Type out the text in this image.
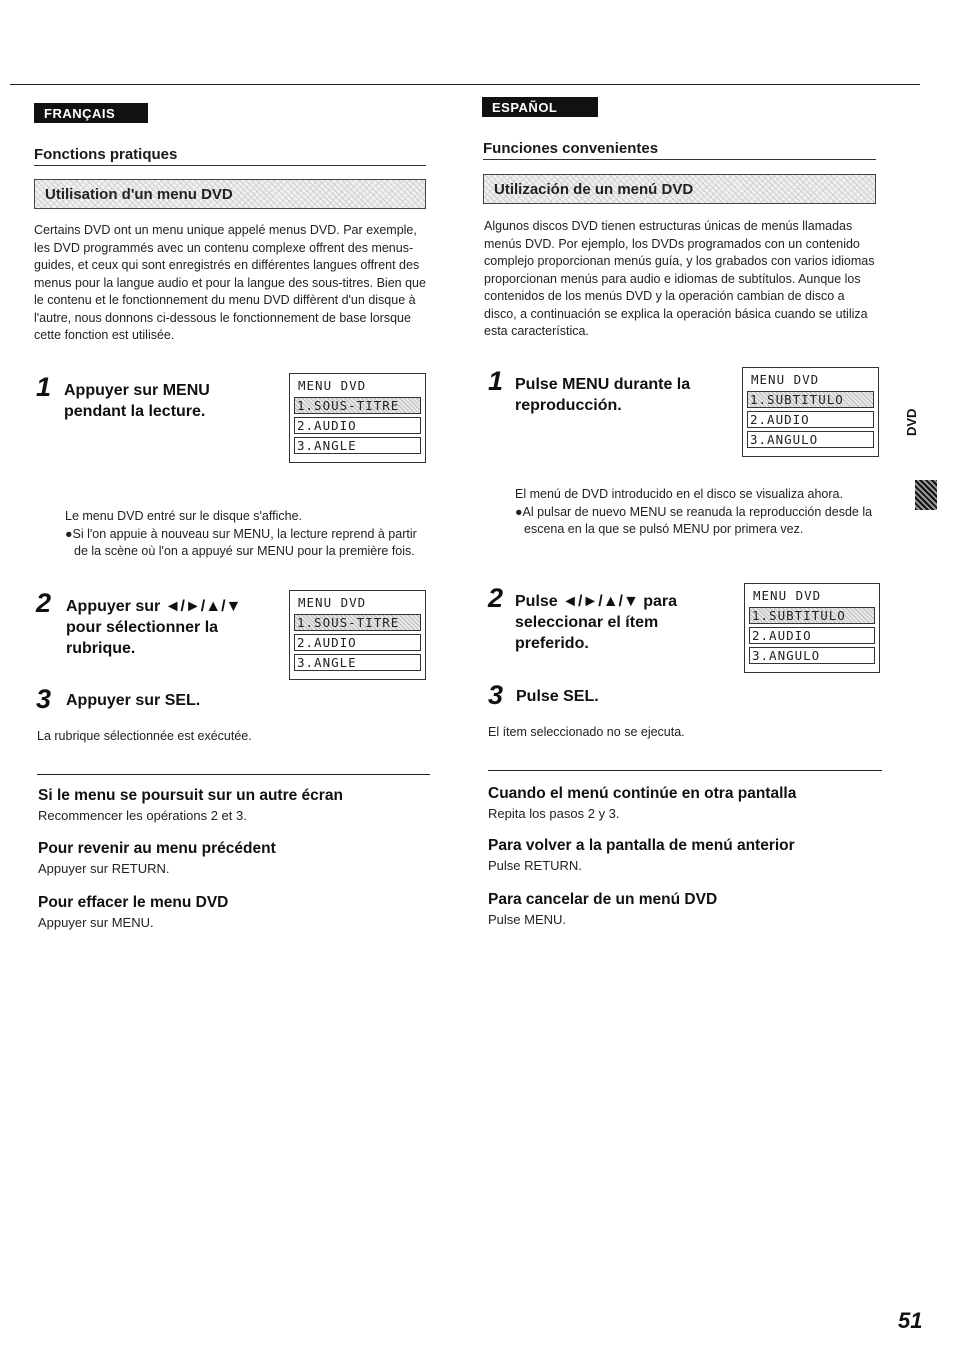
FRANÇAIS
Fonctions pratiques
Utilisation d'un menu DVD
Certains DVD ont un menu unique appelé menus DVD. Par exemple, les DVD programmés avec un contenu complexe offrent des menus-guides, et ceux qui sont enregistrés en différentes langues offrent des menus pour la langue audio et pour la langue des sous-titres. Bien que le contenu et le fonctionnement du menu DVD diffèrent d'un disque à l'autre, nous donnons ci-dessous le fonctionnement de base lorsque cette fonction est utilisée.
1 Appuyer sur MENU
pendant la lecture.
MENU DVD
1.SOUS-TITRE
2.AUDIO
3.ANGLE
Le menu DVD entré sur le disque s'affiche.
●Si l'on appuie à nouveau sur MENU, la lecture reprend à partir de la scène où l'on a appuyé sur MENU pour la première fois.
2 Appuyer sur ◄/►/▲/▼
pour sélectionner la
rubrique.
MENU DVD
1.SOUS-TITRE
2.AUDIO
3.ANGLE
3 Appuyer sur SEL.
La rubrique sélectionnée est exécutée.
Si le menu se poursuit sur un autre écran
Recommencer les opérations 2 et 3.
Pour revenir au menu précédent
Appuyer sur RETURN.
Pour effacer le menu DVD
Appuyer sur MENU.
ESPAÑOL
Funciones convenientes
Utilización de un menú DVD
Algunos discos DVD tienen estructuras únicas de menús llamadas menús DVD. Por ejemplo, los DVDs programados con un contenido complejo proporcionan menús guía, y los grabados con varios idiomas proporcionan menús para audio e idiomas de subtítulos. Aunque los contenidos de los menús DVD y la operación cambian de disco a disco, a continuación se explica la operación básica cuando se utiliza esta característica.
1 Pulse MENU durante la
reproducción.
MENU DVD
1.SUBTITULO
2.AUDIO
3.ANGULO
El menú de DVD introducido en el disco se visualiza ahora.
●Al pulsar de nuevo MENU se reanuda la reproducción desde la escena en la que se pulsó MENU por primera vez.
2 Pulse ◄/►/▲/▼ para
seleccionar el ítem
preferido.
MENU DVD
1.SUBTITULO
2.AUDIO
3.ANGULO
3 Pulse SEL.
El ítem seleccionado no se ejecuta.
Cuando el menú continúe en otra pantalla
Repita los pasos 2 y 3.
Para volver a la pantalla de menú anterior
Pulse RETURN.
Para cancelar de un menú DVD
Pulse MENU.
DVD
51
